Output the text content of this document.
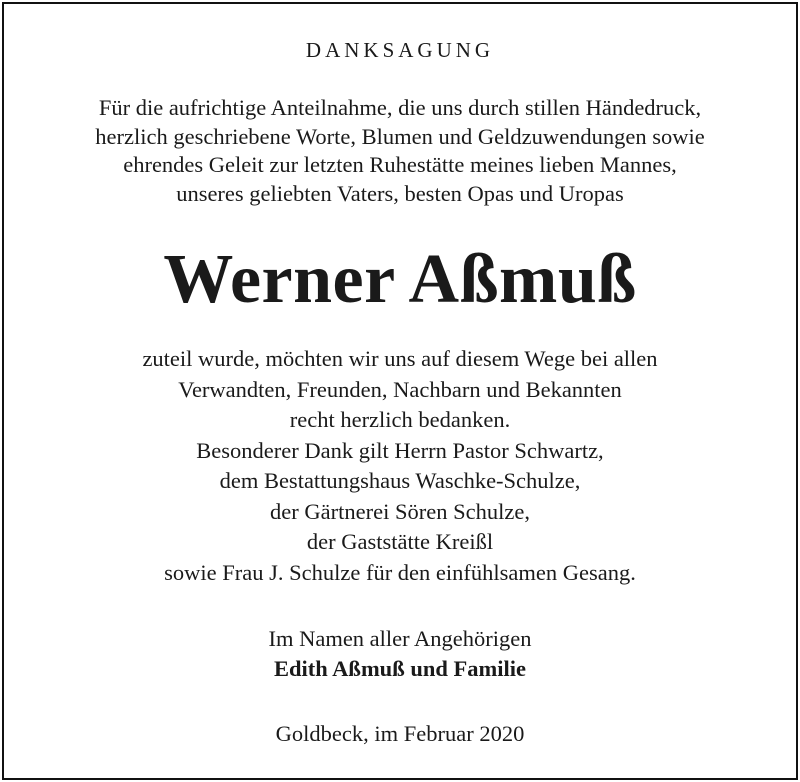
DANKSAGUNG
Für die aufrichtige Anteilnahme, die uns durch stillen Händedruck,
herzlich geschriebene Worte, Blumen und Geldzuwendungen sowie
ehrendes Geleit zur letzten Ruhestätte meines lieben Mannes,
unseres geliebten Vaters, besten Opas und Uropas
Werner Aßmuß
zuteil wurde, möchten wir uns auf diesem Wege bei allen
Verwandten, Freunden, Nachbarn und Bekannten
recht herzlich bedanken.
Besonderer Dank gilt Herrn Pastor Schwartz,
dem Bestattungshaus Waschke-Schulze,
der Gärtnerei Sören Schulze,
der Gaststätte Kreißl
sowie Frau J. Schulze für den einfühlsamen Gesang.
Im Namen aller Angehörigen
Edith Aßmuß und Familie
Goldbeck, im Februar 2020
